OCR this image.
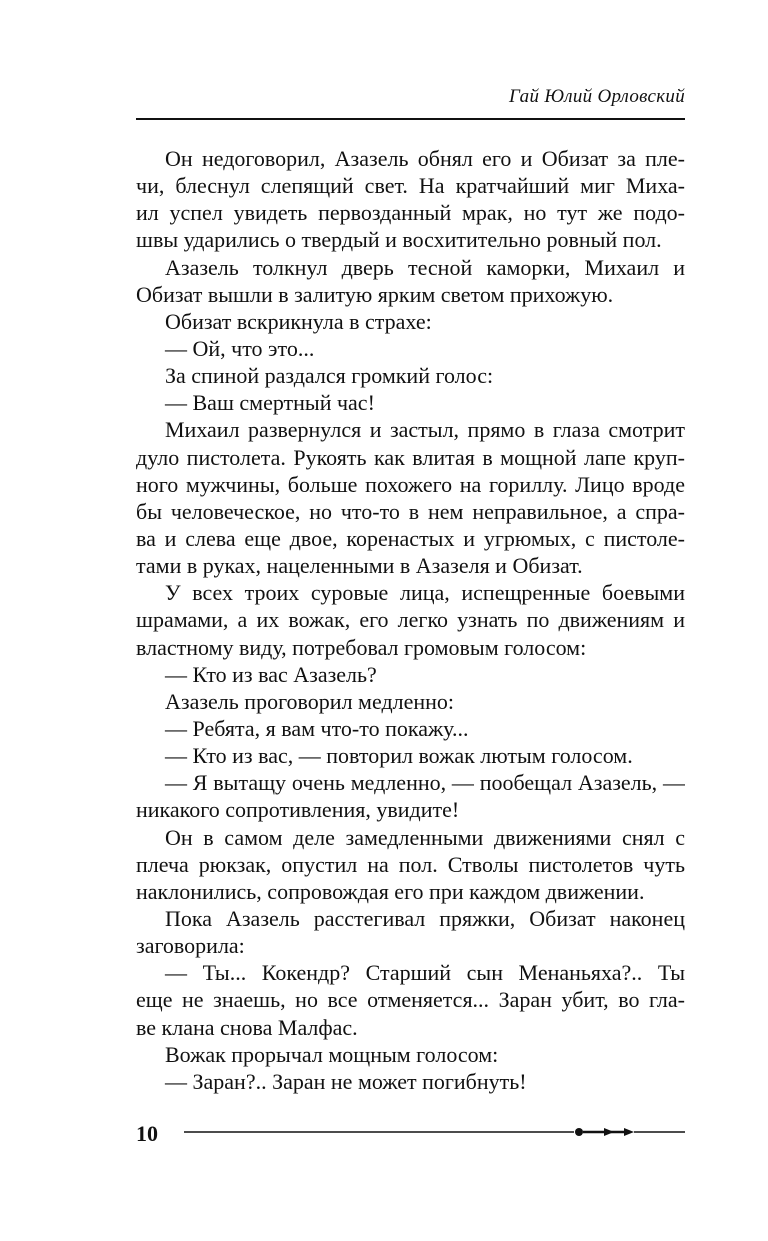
Гай Юлий Орловский
Он недоговорил, Азазель обнял его и Обизат за пле-
чи, блеснул слепящий свет. На кратчайший миг Миха-
ил успел увидеть первозданный мрак, но тут же подо-
швы ударились о твердый и восхитительно ровный пол.
Азазель толкнул дверь тесной каморки, Михаил и
Обизат вышли в залитую ярким светом прихожую.
Обизат вскрикнула в страхе:
— Ой, что это...
За спиной раздался громкий голос:
— Ваш смертный час!
Михаил развернулся и застыл, прямо в глаза смотрит
дуло пистолета. Рукоять как влитая в мощной лапе круп-
ного мужчины, больше похожего на гориллу. Лицо вроде
бы человеческое, но что-то в нем неправильное, а спра-
ва и слева еще двое, коренастых и угрюмых, с пистоле-
тами в руках, нацеленными в Азазеля и Обизат.
У всех троих суровые лица, испещренные боевыми
шрамами, а их вожак, его легко узнать по движениям и
властному виду, потребовал громовым голосом:
— Кто из вас Азазель?
Азазель проговорил медленно:
— Ребята, я вам что-то покажу...
— Кто из вас, — повторил вожак лютым голосом.
— Я вытащу очень медленно, — пообещал Азазель, —
никакого сопротивления, увидите!
Он в самом деле замедленными движениями снял с
плеча рюкзак, опустил на пол. Стволы пистолетов чуть
наклонились, сопровождая его при каждом движении.
Пока Азазель расстегивал пряжки, Обизат наконец
заговорила:
— Ты... Кокендр? Старший сын Менаньяха?.. Ты
еще не знаешь, но все отменяется... Заран убит, во гла-
ве клана снова Малфас.
Вожак прорычал мощным голосом:
— Заран?.. Заран не может погибнуть!
10
